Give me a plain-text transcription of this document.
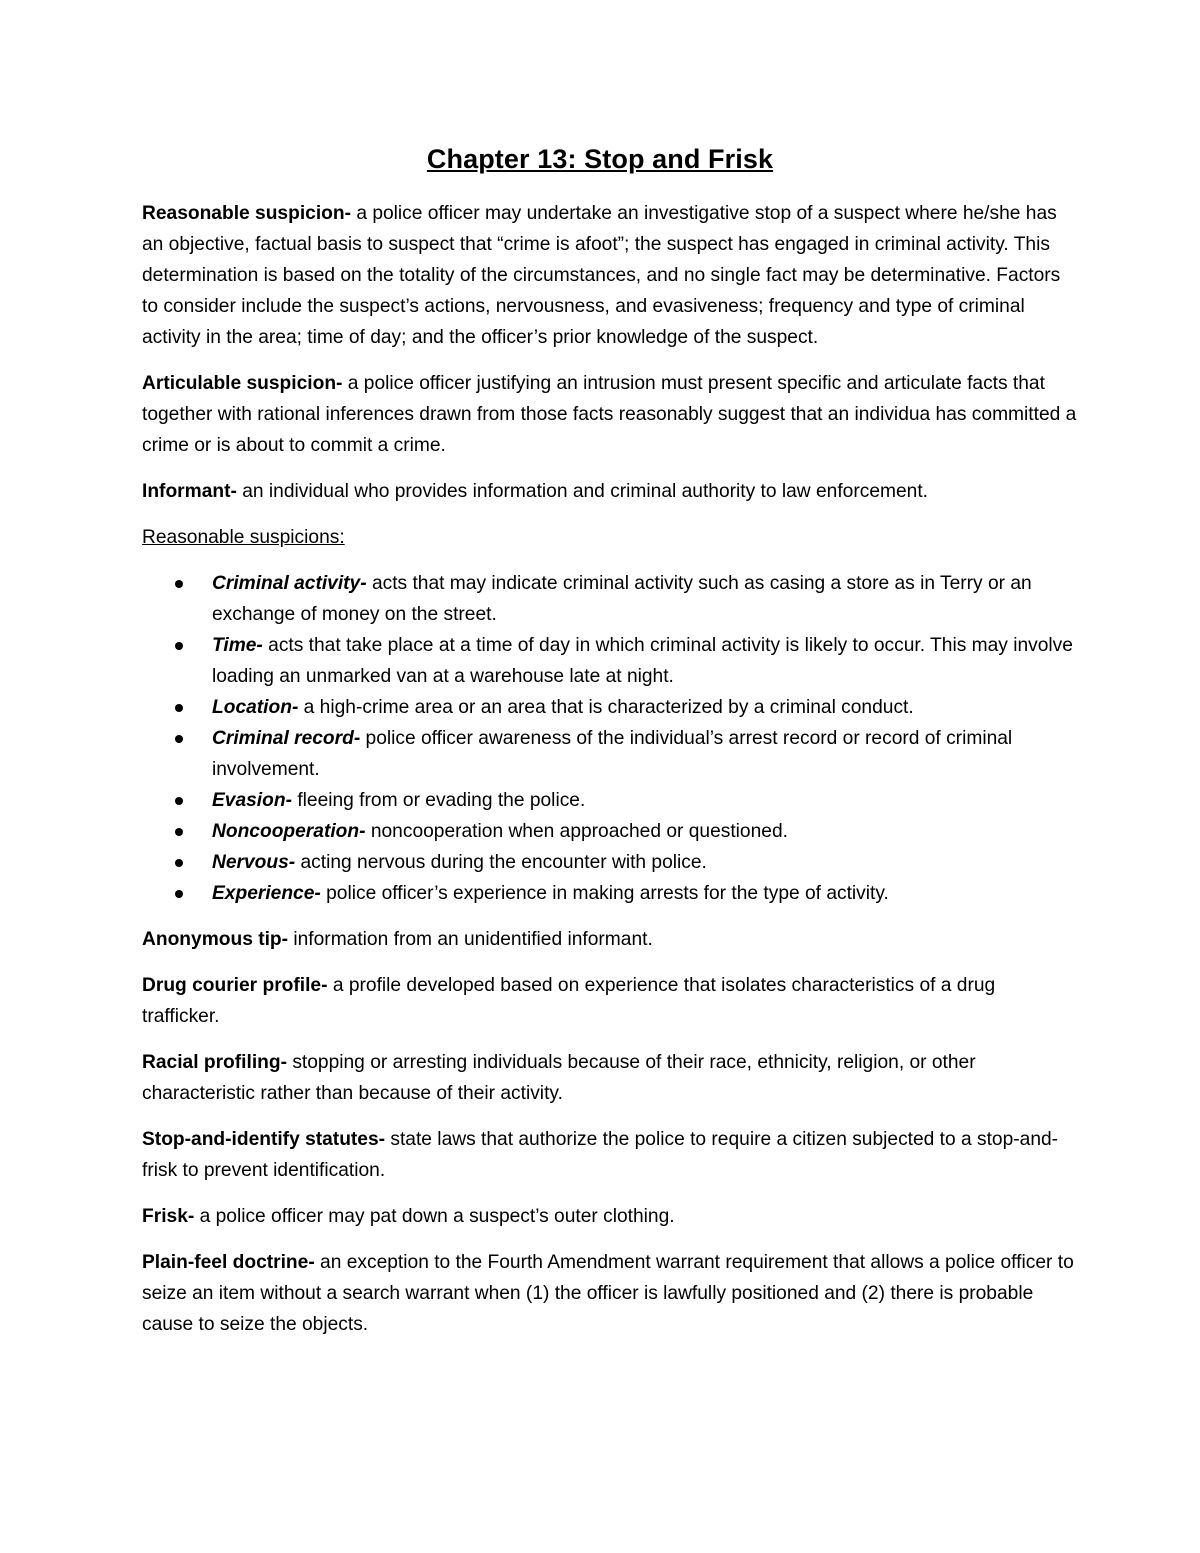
Chapter 13: Stop and Frisk

Reasonable suspicion- a police officer may undertake an investigative stop of a suspect where he/she has an objective, factual basis to suspect that “crime is afoot”; the suspect has engaged in criminal activity. This determination is based on the totality of the circumstances, and no single fact may be determinative. Factors to consider include the suspect’s actions, nervousness, and evasiveness; frequency and type of criminal activity in the area; time of day; and the officer’s prior knowledge of the suspect.

Articulable suspicion- a police officer justifying an intrusion must present specific and articulate facts that together with rational inferences drawn from those facts reasonably suggest that an individua has committed a crime or is about to commit a crime.

Informant- an individual who provides information and criminal authority to law enforcement.

Reasonable suspicions:

Criminal activity- acts that may indicate criminal activity such as casing a store as in Terry or an exchange of money on the street.
Time- acts that take place at a time of day in which criminal activity is likely to occur. This may involve loading an unmarked van at a warehouse late at night.
Location- a high-crime area or an area that is characterized by a criminal conduct.
Criminal record- police officer awareness of the individual’s arrest record or record of criminal involvement.
Evasion- fleeing from or evading the police.
Noncooperation- noncooperation when approached or questioned.
Nervous- acting nervous during the encounter with police.
Experience- police officer’s experience in making arrests for the type of activity.

Anonymous tip- information from an unidentified informant.

Drug courier profile- a profile developed based on experience that isolates characteristics of a drug trafficker.

Racial profiling- stopping or arresting individuals because of their race, ethnicity, religion, or other characteristic rather than because of their activity.

Stop-and-identify statutes- state laws that authorize the police to require a citizen subjected to a stop-and-frisk to prevent identification.

Frisk- a police officer may pat down a suspect’s outer clothing.

Plain-feel doctrine- an exception to the Fourth Amendment warrant requirement that allows a police officer to seize an item without a search warrant when (1) the officer is lawfully positioned and (2) there is probable cause to seize the objects.
